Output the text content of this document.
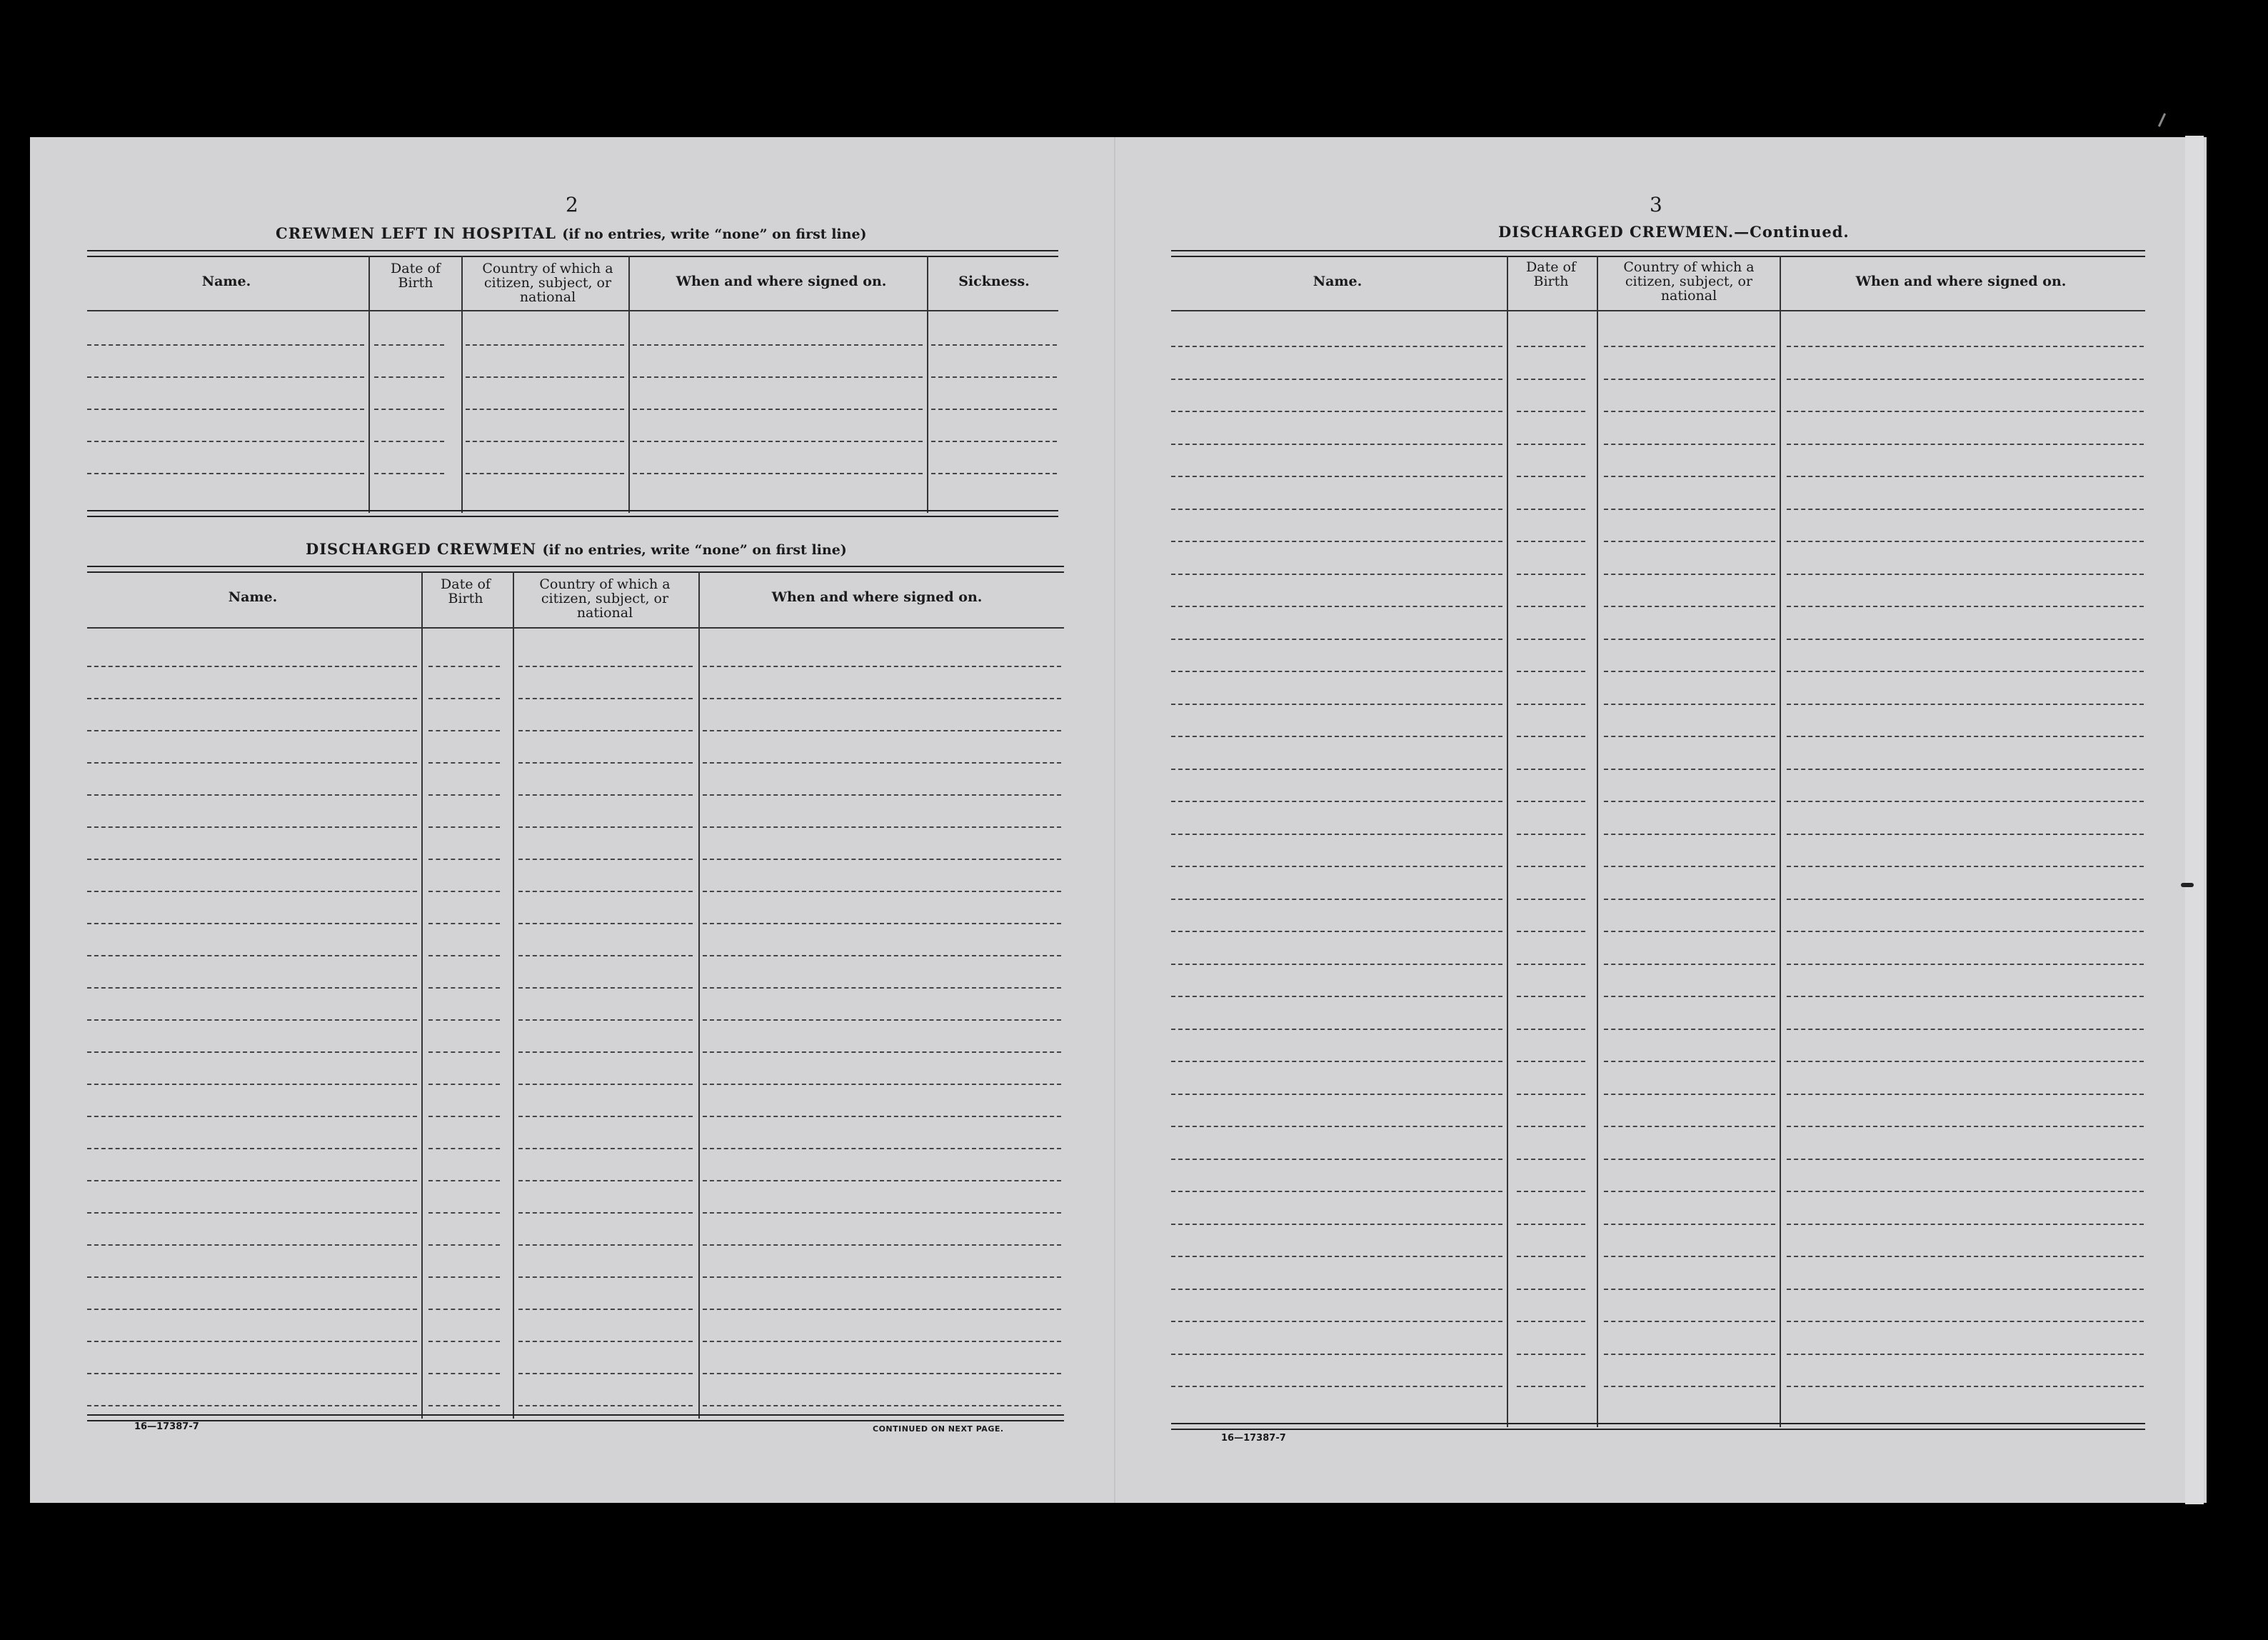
2
CREWMEN LEFT IN HOSPITAL (if no entries, write “none” on first line)
Name.
Date of Birth
Country of which a citizen, subject, or national
When and where signed on.	Sickness.
DISCHARGED CREWMEN (if no entries, write “none” on first line)
Name.
Date of Birth
Country of which a citizen, subject, or national
When and where signed on.
16—17387-7	CONTINUED ON NEXT PAGE.
3
DISCHARGED CREWMEN.—Continued.
Name.
Date of Birth
Country of which a citizen, subject, or national
When and where signed on.
16—17387-7
